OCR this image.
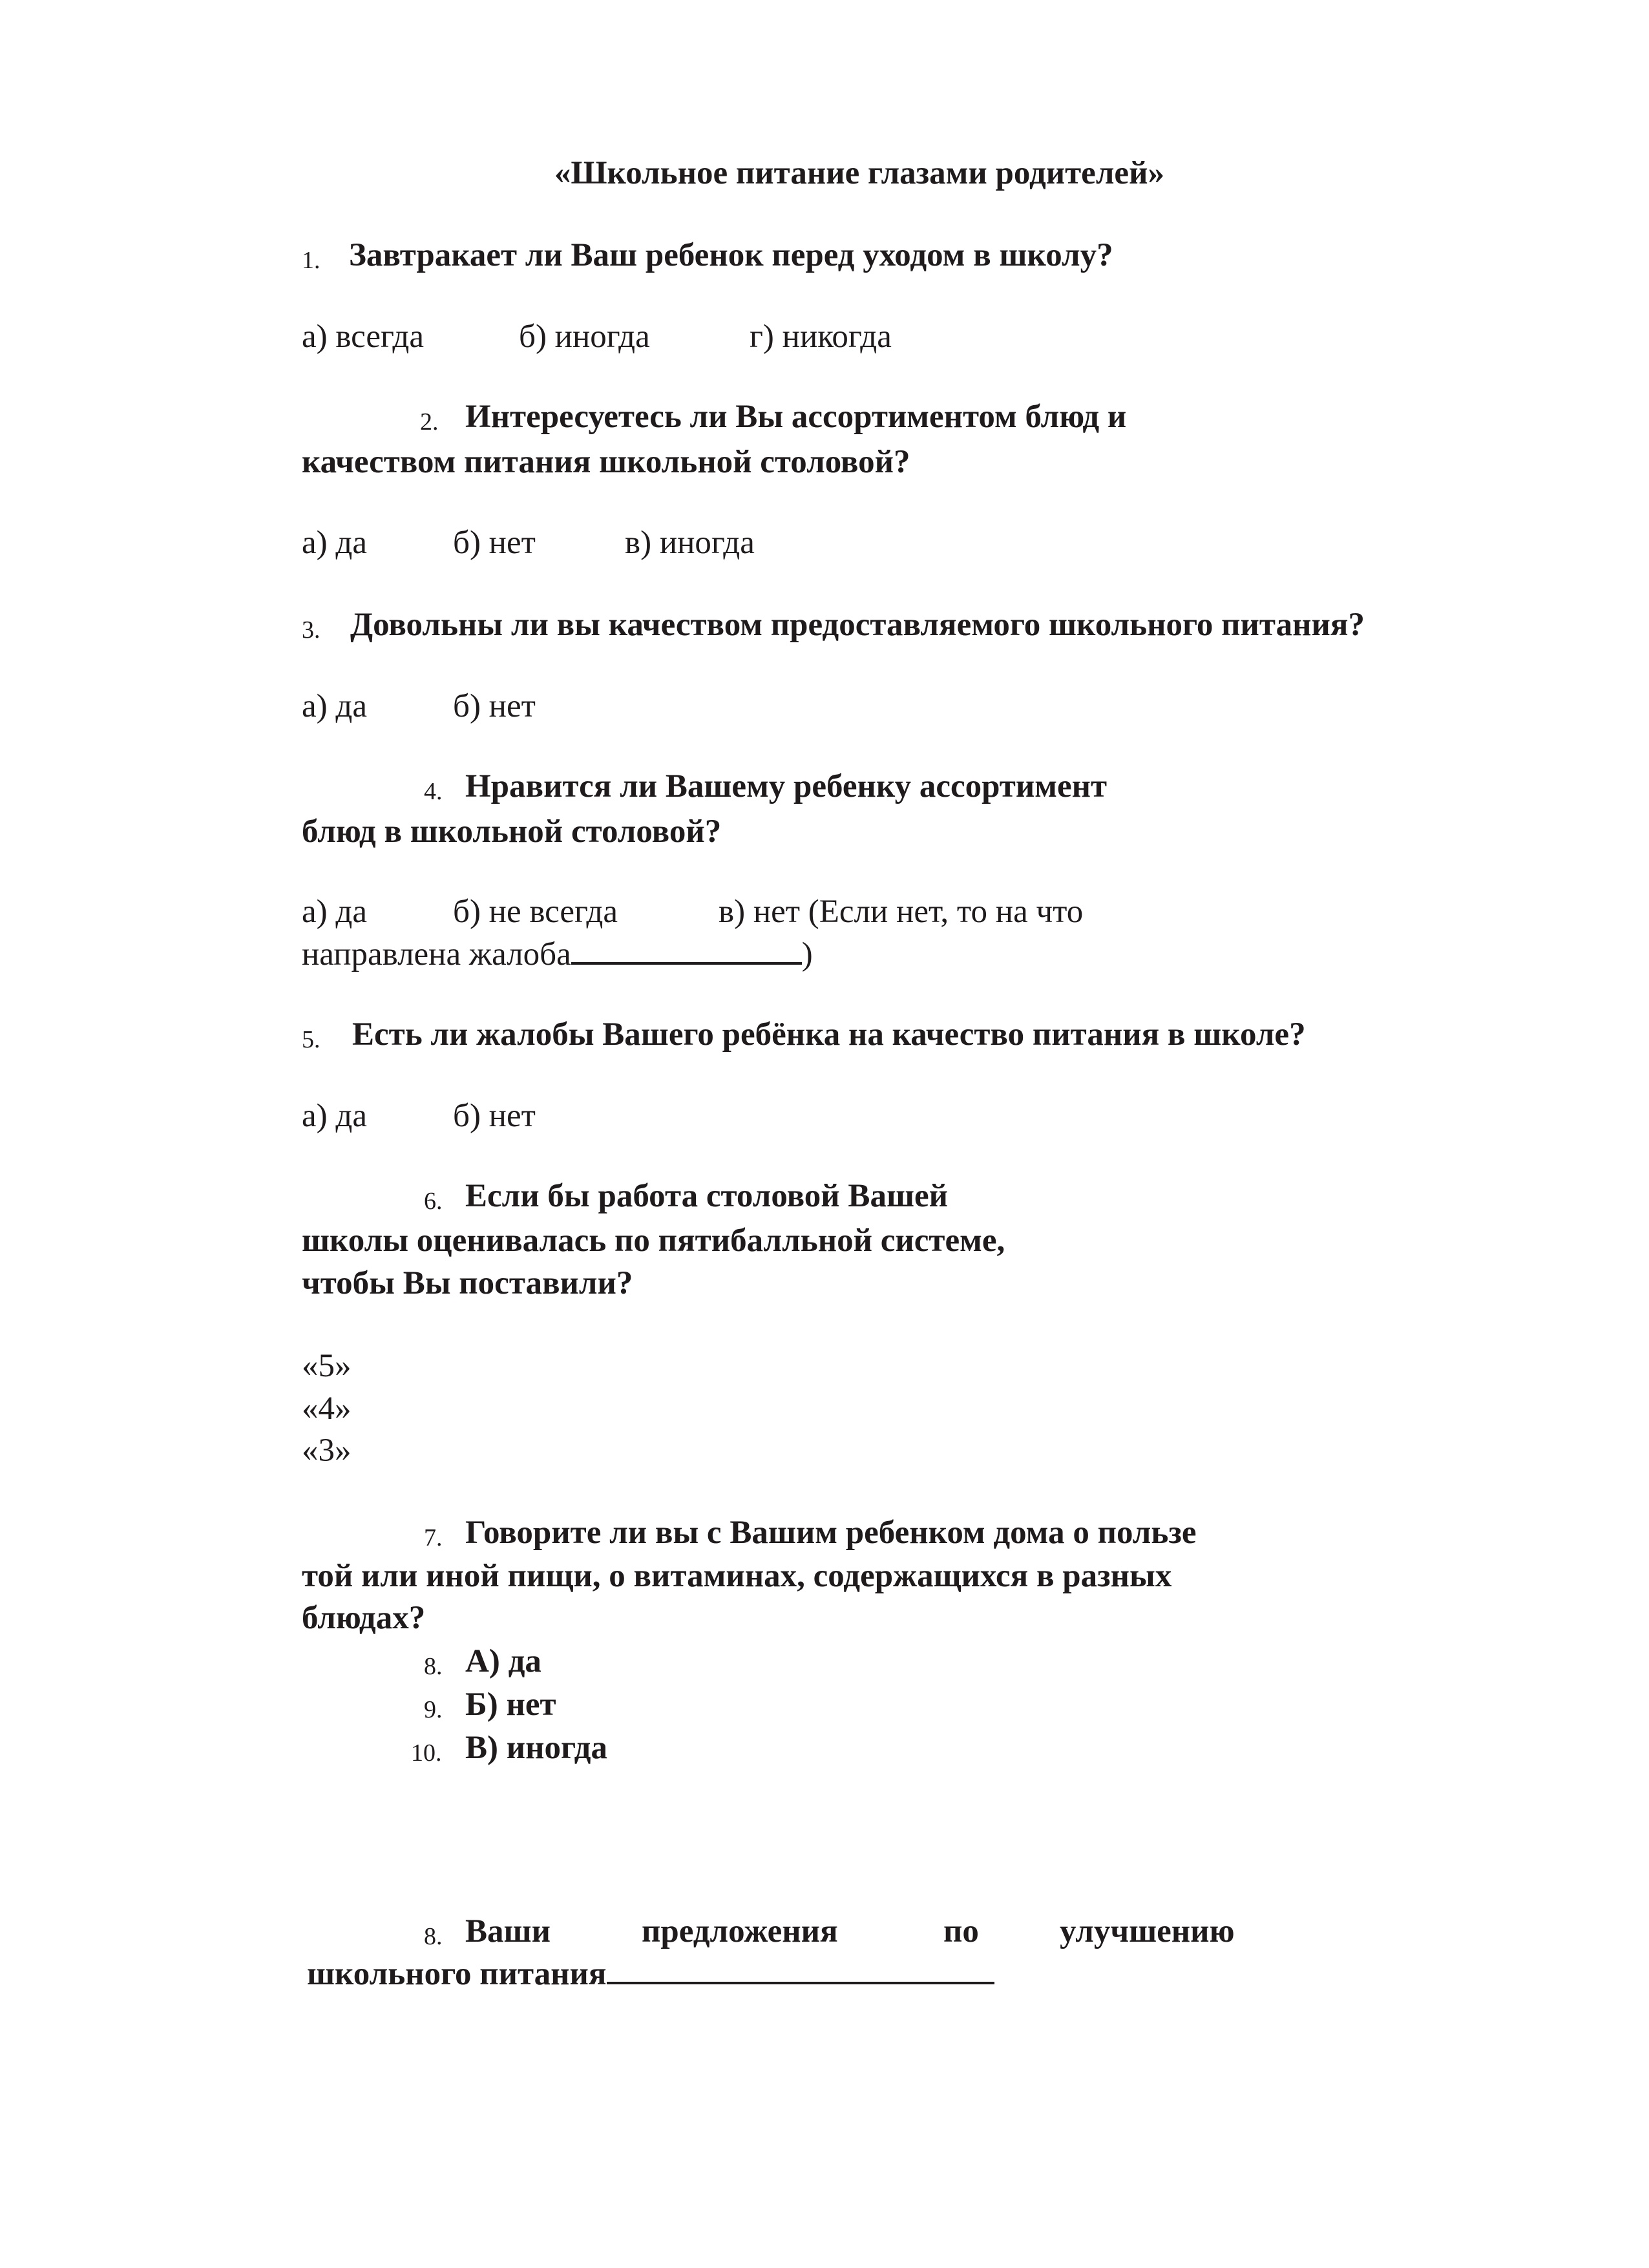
«Школьное питание глазами родителей»
1. Завтракает ли Ваш ребенок перед уходом в школу?
а) всегда	б) иногда	г) никогда
2. Интересуетесь ли Вы ассортиментом блюд и
качеством питания школьной столовой?
а) да	б) нет	в) иногда
3. Довольны ли вы качеством предоставляемого школьного питания?
а) да	б) нет
4. Нравится ли Вашему ребенку ассортимент
блюд в школьной столовой?
а) да	б) не всегда	в) нет (Если нет, то на что
направлена жалоба	)
5. Есть ли жалобы Вашего ребёнка на качество питания в школе?
а) да	б) нет
6. Если бы работа столовой Вашей
школы оценивалась по пятибалльной системе,
чтобы Вы поставили?
«5»
«4»
«3»
7. Говорите ли вы с Вашим ребенком дома о пользе
той или иной пищи, о витаминах, содержащихся в разных
блюдах?
8. А) да
9. Б) нет
10. В) иногда
8. Ваши	предложения	по улучшению
школьного питания
